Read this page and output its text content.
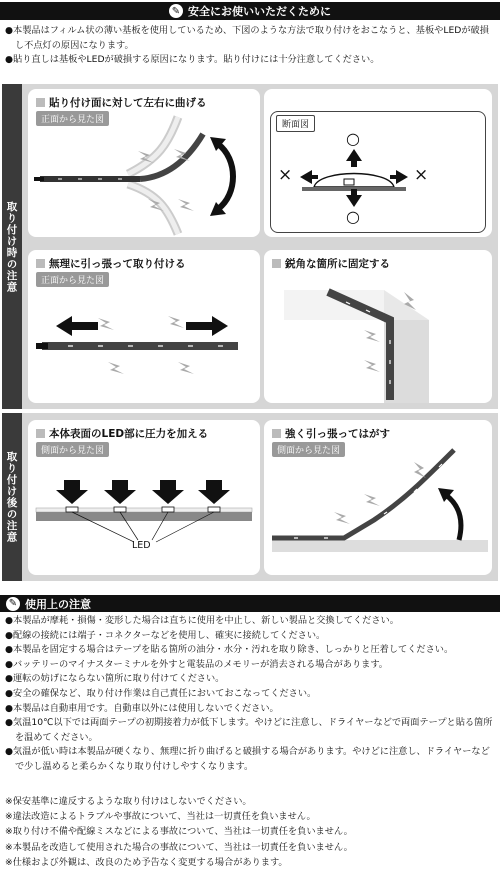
✎ 安全にお使いいただくために

●本製品はフィルム状の薄い基板を使用しているため、下図のような方法で取り付けをおこなうと、基板やLEDが破損し不点灯の原因になります。

●貼り直しは基板やLEDが破損する原因になります。貼り付けには十分注意してください。

取り付け時の注意
貼り付け面に対して左右に曲げる
正面から見た図	断面図
○
○
×	×
無理に引っ張って取り付ける
正面から見た図
鋭角な箇所に固定する
取り付け後の注意
本体表面のLED部に圧力を加える
側面から見た図
LED
強く引っ張ってはがす
側面から見た図
✎ 使用上の注意

●本製品が摩耗・損傷・変形した場合は直ちに使用を中止し、新しい製品と交換してください。

●配線の接続には端子・コネクターなどを使用し、確実に接続してください。

●本製品を固定する場合はテープを貼る箇所の油分・水分・汚れを取り除き、しっかりと圧着してください。

●バッテリーのマイナスターミナルを外すと電装品のメモリーが消去される場合があります。

●運転の妨げにならない箇所に取り付けてください。

●安全の確保など、取り付け作業は自己責任においておこなってください。

●本製品は自動車用です。自動車以外には使用しないでください。

●気温10℃以下では両面テープの初期接着力が低下します。やけどに注意し、ドライヤーなどで両面テープと貼る箇所を温めてください。

●気温が低い時は本製品が硬くなり、無理に折り曲げると破損する場合があります。やけどに注意し、ドライヤーなどで少し温めると柔らかくなり取り付けしやすくなります。

※保安基準に違反するような取り付けはしないでください。

※違法改造によるトラブルや事故について、当社は一切責任を負いません。

※取り付け不備や配線ミスなどによる事故について、当社は一切責任を負いません。

※本製品を改造して使用された場合の事故について、当社は一切責任を負いません。

※仕様および外観は、改良のため予告なく変更する場合があります。
